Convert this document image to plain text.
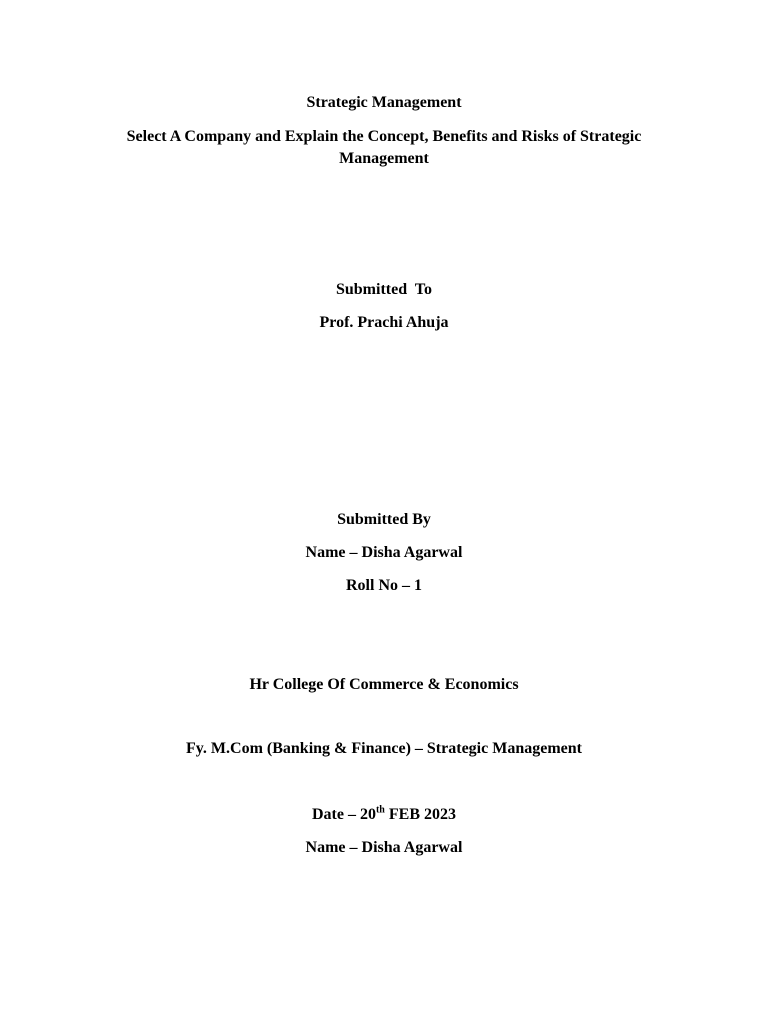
Strategic Management
Select A Company and Explain the Concept, Benefits and Risks of Strategic Management
Submitted  To
Prof. Prachi Ahuja
Submitted By
Name – Disha Agarwal
Roll No – 1
Hr College Of Commerce & Economics
Fy. M.Com (Banking & Finance) – Strategic Management
Date – 20th FEB 2023
Name – Disha Agarwal
